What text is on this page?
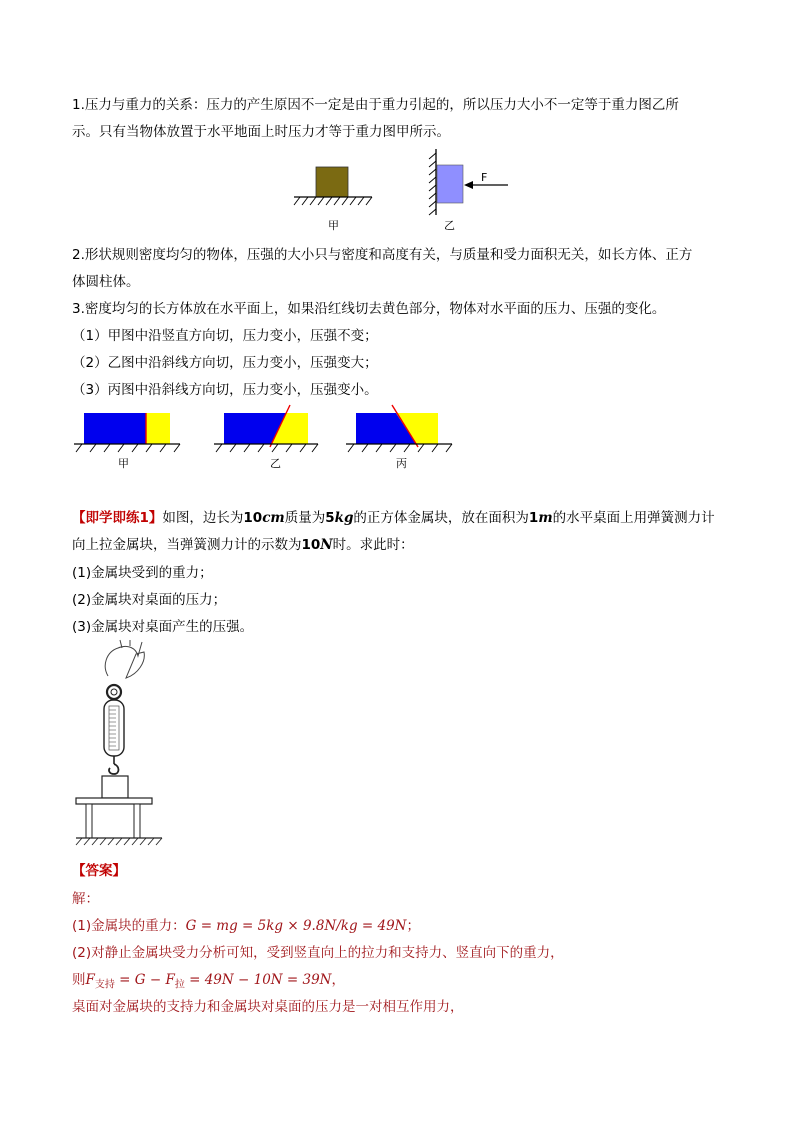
1.压力与重力的关系：压力的产生原因不一定是由于重力引起的，所以压力大小不一定等于重力图乙所

示。只有当物体放置于水平地面上时压力才等于重力图甲所示。

甲
F
乙

2.形状规则密度均匀的物体，压强的大小只与密度和高度有关，与质量和受力面积无关，如长方体、正方

体圆柱体。

3.密度均匀的长方体放在水平面上，如果沿红线切去黄色部分，物体对水平面的压力、压强的变化。

（1）甲图中沿竖直方向切，压力变小，压强不变；

（2）乙图中沿斜线方向切，压力变小，压强变大；

（3）丙图中沿斜线方向切，压力变小，压强变小。

甲	乙	丙

【即学即练1】如图，边长为10cm质量为5kg的正方体金属块，放在面积为1m的水平桌面上用弹簧测力计

向上拉金属块，当弹簧测力计的示数为10N时。求此时：

(1)金属块受到的重力；

(2)金属块对桌面的压力；

(3)金属块对桌面产生的压强。

【答案】

解：

(1)金属块的重力：G = mg = 5kg × 9.8N/kg = 49N；

(2)对静止金属块受力分析可知，受到竖直向上的拉力和支持力、竖直向下的重力，

则$F_{支持} = G - F_拉 = 49N - 10N = 39N$，

桌面对金属块的支持力和金属块对桌面的压力是一对相互作用力，
